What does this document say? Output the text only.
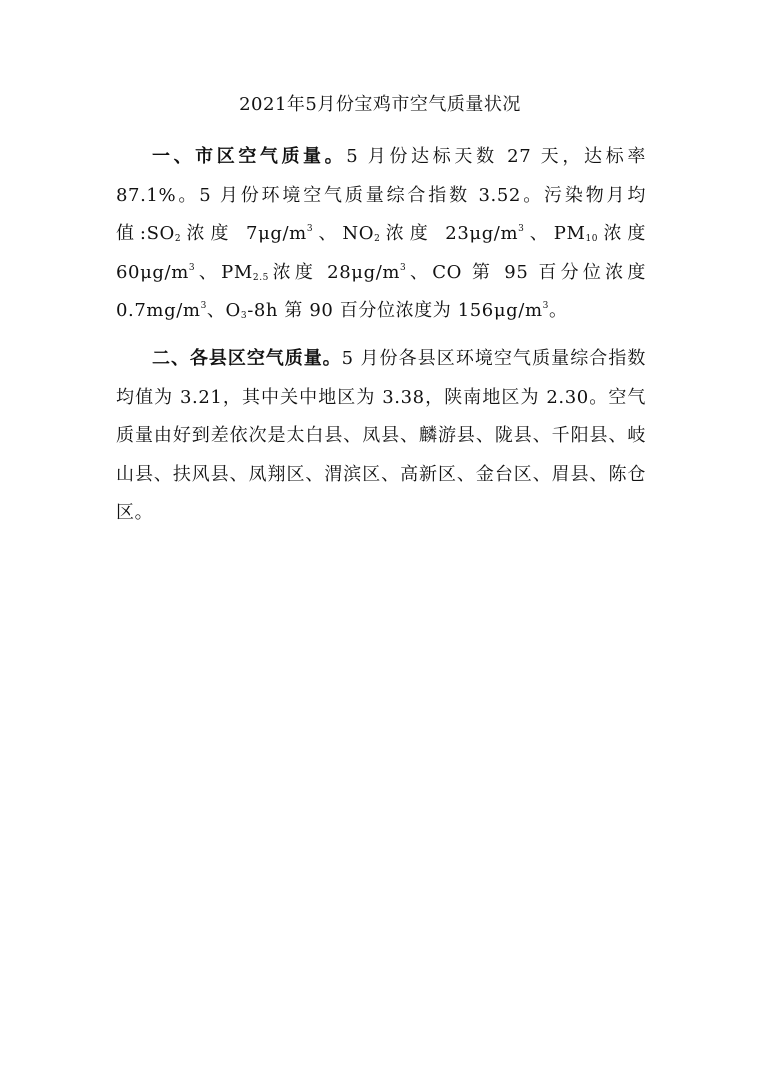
2021年5月份宝鸡市空气质量状况
一、市区空气质量。5 月份达标天数 27 天，达标率 87.1%。5 月份环境空气质量综合指数 3.52。污染物月均值$:SO_2$浓度 $7\mu g/m^3$、$NO_2$浓度 $23\mu g/m^3$、$PM_{10}$浓度 $60\mu g/m^3$、$PM_{2.5}$浓度 $28\mu g/m^3$、CO 第 95 百分位浓度 $0.7mg/m^3$、$O_3-8h$ 第 90 百分位浓度为 $156\mu g/m^3$。
二、各县区空气质量。5 月份各县区环境空气质量综合指数均值为 3.21，其中关中地区为 3.38，陕南地区为 2.30。空气质量由好到差依次是太白县、凤县、麟游县、陇县、千阳县、岐山县、扶风县、凤翔区、渭滨区、高新区、金台区、眉县、陈仓区。
